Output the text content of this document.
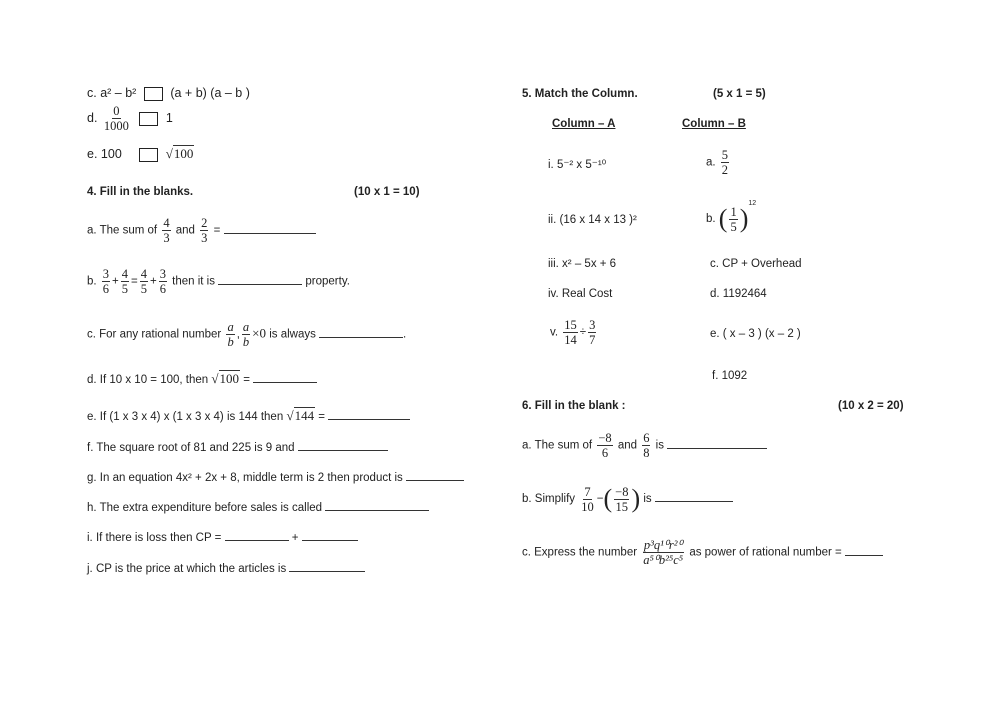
c. a² – b²	(a + b) (a – b )
d. $\frac{0}{1000}$	1
e. 100	√100
4. Fill in the blanks.	(10 x 1 = 10)
a. The sum of $\frac{4}{3}$ and $\frac{2}{3}$ =
b. $\frac{3}{6} + \frac{4}{5} = \frac{4}{5} + \frac{3}{6}$ then it is	property.
c. For any rational number $\frac{a}{b}$ , $\frac{a}{b} \times 0$ is always	.
d. If 10 x 10 = 100, then √100 =
e. If (1 x 3 x 4) x (1 x 3 x 4) is 144 then √144 =
f. The square root of 81 and 225 is 9 and
g. In an equation 4x² + 2x + 8, middle term is 2 then product is
h. The extra expenditure before sales is called
i. If there is loss then CP =	+
j. CP is the price at which the articles is
5. Match the Column.	(5 x 1 = 5)
Column – A	Column – B
i. 5⁻² x 5⁻¹⁰	a. $\frac{5}{2}$
ii. (16 x 14 x 13 )²	b. ( $\frac{1}{5} )^{12}$
iii. x² – 5x + 6	c. CP + Overhead
iv. Real Cost	d. 1192464
v. $\frac{15}{14} \div \frac{3}{7}$	e. ( x – 3 ) (x – 2 )
f. 1092
6. Fill in the blank :	(10 x 2 = 20)
a. The sum of $\frac{-8}{6}$ and $\frac{6}{8}$ is
b. Simplify $\frac{7}{10}$ −( $\frac{-8}{15}$ ) is
c. Express the number $\frac{\text{p³q¹⁰r²⁰}}{\text{a⁵⁰b²⁵c⁵}}$ as power of rational number =
